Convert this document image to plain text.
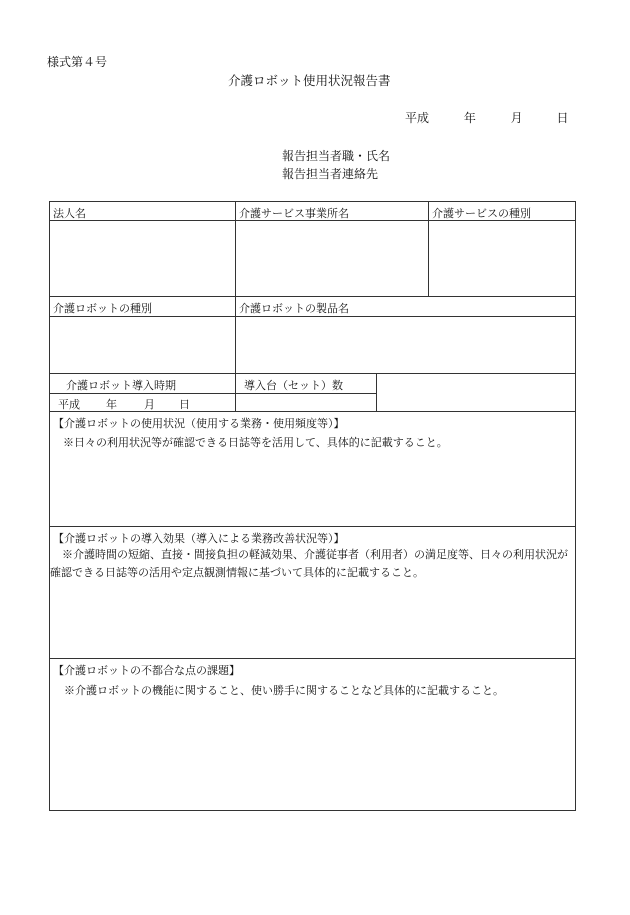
様式第４号
介護ロボット使用状況報告書
平成	年	月	日
報告担当者職・氏名
報告担当者連絡先
法人名	介護サービス事業所名	介護サービスの種別
介護ロボットの種別	介護ロボットの製品名
介護ロボット導入時期	導入台（セット）数
平成 年 月 日
【介護ロボットの使用状況（使用する業務・使用頻度等）】
※日々の利用状況等が確認できる日誌等を活用して、具体的に記載すること。
【介護ロボットの導入効果（導入による業務改善状況等）】
※介護時間の短縮、直接・間接負担の軽減効果、介護従事者（利用者）の満足度等、日々の利用状況が確認できる日誌等の活用や定点観測情報に基づいて具体的に記載すること。
【介護ロボットの不都合な点の課題】
※介護ロボットの機能に関すること、使い勝手に関することなど具体的に記載すること。
